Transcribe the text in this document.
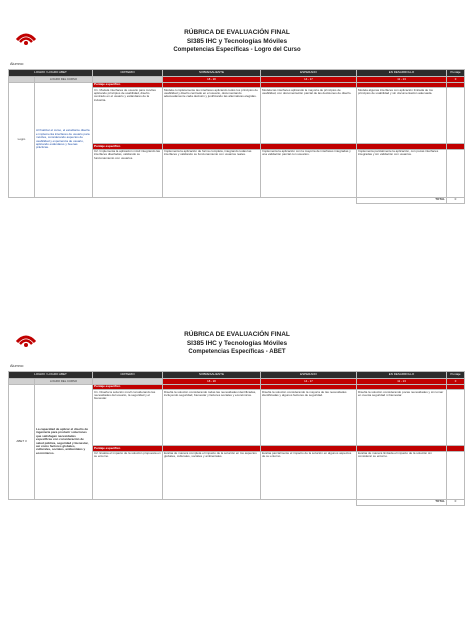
RÚBRICA DE EVALUACIÓN FINAL
SI385 IHC y Tecnologías Móviles
Competencias Específicas - Logro del Curso
Alumno:
LOGRO / LOGRO ABET		CRITERIO	SOBRESALIENTE	ESPERADO	EN DESARROLLO	Puntaje
	LOGRO DEL CURSO		18 - 20	14 - 17	11 - 13	0
Logro	Al finalizar el curso, el estudiante diseña e implementa interfaces de usuario para móviles, considerando aspectos de usabilidad y experiencia de usuario, aplicando estándares y buenas prácticas.	Puntaje específico				
		C1. Modela interfaces de usuario para móviles aplicando principios de usabilidad, diseño centrado en el usuario y estándares de la industria.	Modela completamente las interfaces aplicando todos los principios de usabilidad y diseño centrado en el usuario, documentando adecuadamente cada decisión y justificando las alternativas elegidas.	Modela las interfaces aplicando la mayoría de principios de usabilidad, con documentación parcial de las decisiones de diseño.	Modela algunas interfaces con aplicación limitada de los principios de usabilidad y sin documentación adecuada.	
		Puntaje específico				
		C2. Implementa la aplicación móvil integrando las interfaces diseñadas, validando su funcionamiento con usuarios.	Implementa la aplicación de forma completa, integrando todas las interfaces y validando su funcionamiento con usuarios reales.	Implementa la aplicación con la mayoría de interfaces integradas y una validación parcial con usuarios.	Implementa parcialmente la aplicación, con pocas interfaces integradas y sin validación con usuarios.	
					TOTAL	0
RÚBRICA DE EVALUACIÓN FINAL
SI385 IHC y Tecnologías Móviles
Competencias Específicas - ABET
Alumno:
LOGRO / LOGRO ABET		CRITERIO	SOBRESALIENTE	ESPERADO	EN DESARROLLO	Puntaje
	LOGRO DEL CURSO		18 - 20	14 - 17	11 - 13	0
ABET 3	La capacidad de aplicar el diseño de ingeniería para producir soluciones que satisfagan necesidades específicas con consideración de salud pública, seguridad y bienestar, así como factores globales, culturales, sociales, ambientales y económicos.	Puntaje específico				
		C1. Diseña la solución móvil considerando las necesidades del usuario, la seguridad y el bienestar.	Diseña la solución considerando todas las necesidades identificadas, incluyendo seguridad, bienestar y factores sociales y económicos.	Diseña la solución considerando la mayoría de las necesidades identificadas y algunos factores de seguridad.	Diseña la solución considerando pocas necesidades y sin tomar en cuenta seguridad ni bienestar.	
		Puntaje específico				
		C2. Evalúa el impacto de la solución propuesta en su entorno.	Evalúa de manera completa el impacto de la solución en los aspectos globales, culturales, sociales y ambientales.	Evalúa parcialmente el impacto de la solución en algunos aspectos de su entorno.	Evalúa de manera limitada el impacto de la solución sin considerar su entorno.	
					TOTAL	0
